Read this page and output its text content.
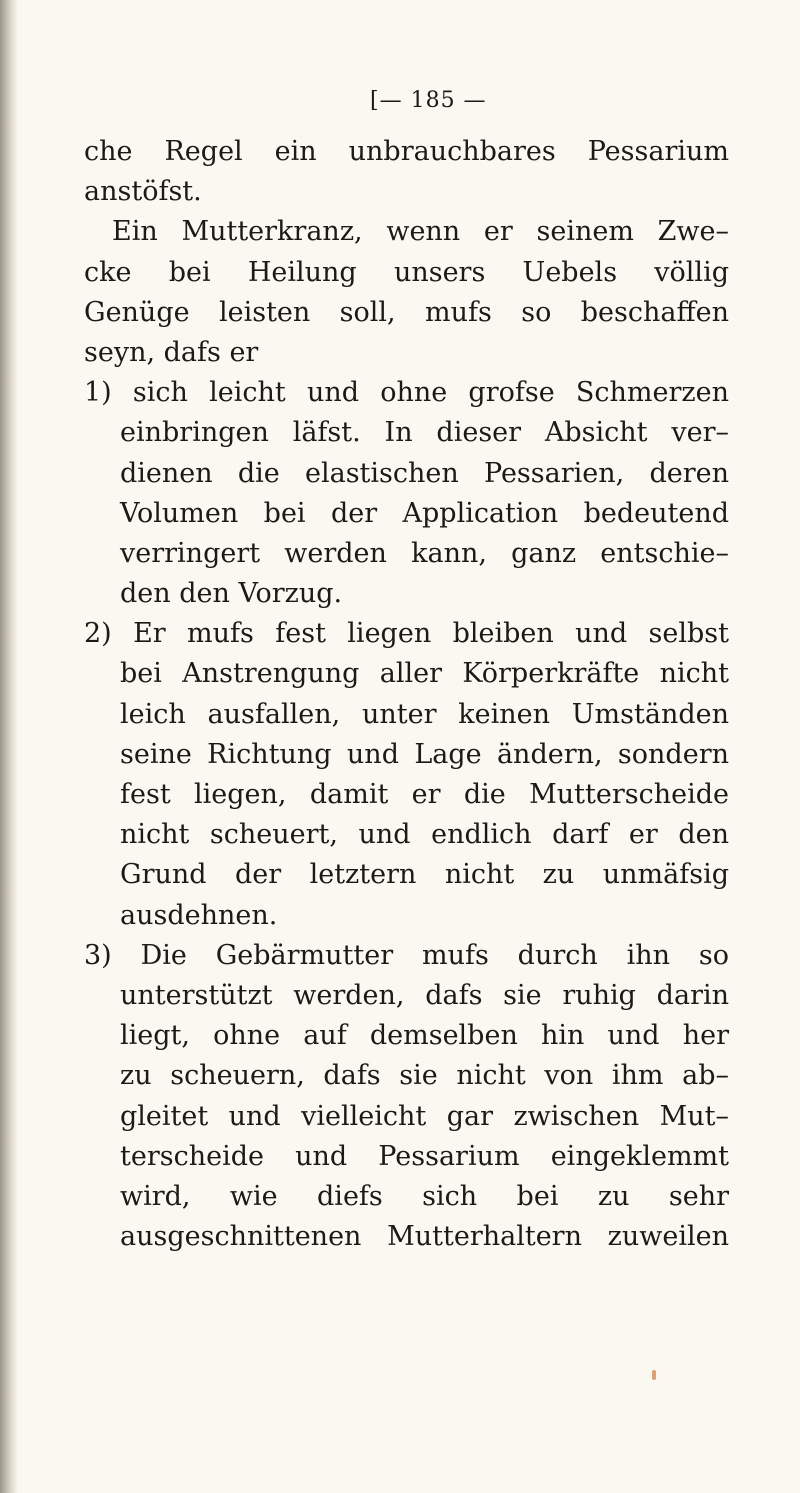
[— 185 —
che Regel ein unbrauchbares Pessarium
anstöfst.
Ein Mutterkranz, wenn er seinem Zwe–
cke bei Heilung unsers Uebels völlig
Genüge leisten soll, mufs so beschaffen
seyn, dafs er
1) sich leicht und ohne grofse Schmerzen
einbringen läfst. In dieser Absicht ver–
dienen die elastischen Pessarien, deren
Volumen bei der Application bedeutend
verringert werden kann, ganz entschie–
den den Vorzug.
2) Er mufs fest liegen bleiben und selbst
bei Anstrengung aller Körperkräfte nicht
leich ausfallen, unter keinen Umständen
seine Richtung und Lage ändern, sondern
fest liegen, damit er die Mutterscheide
nicht scheuert, und endlich darf er den
Grund der letztern nicht zu unmäfsig
ausdehnen.
3) Die Gebärmutter mufs durch ihn so
unterstützt werden, dafs sie ruhig darin
liegt, ohne auf demselben hin und her
zu scheuern, dafs sie nicht von ihm ab–
gleitet und vielleicht gar zwischen Mut–
terscheide und Pessarium eingeklemmt
wird, wie diefs sich bei zu sehr
ausgeschnittenen Mutterhaltern zuweilen
